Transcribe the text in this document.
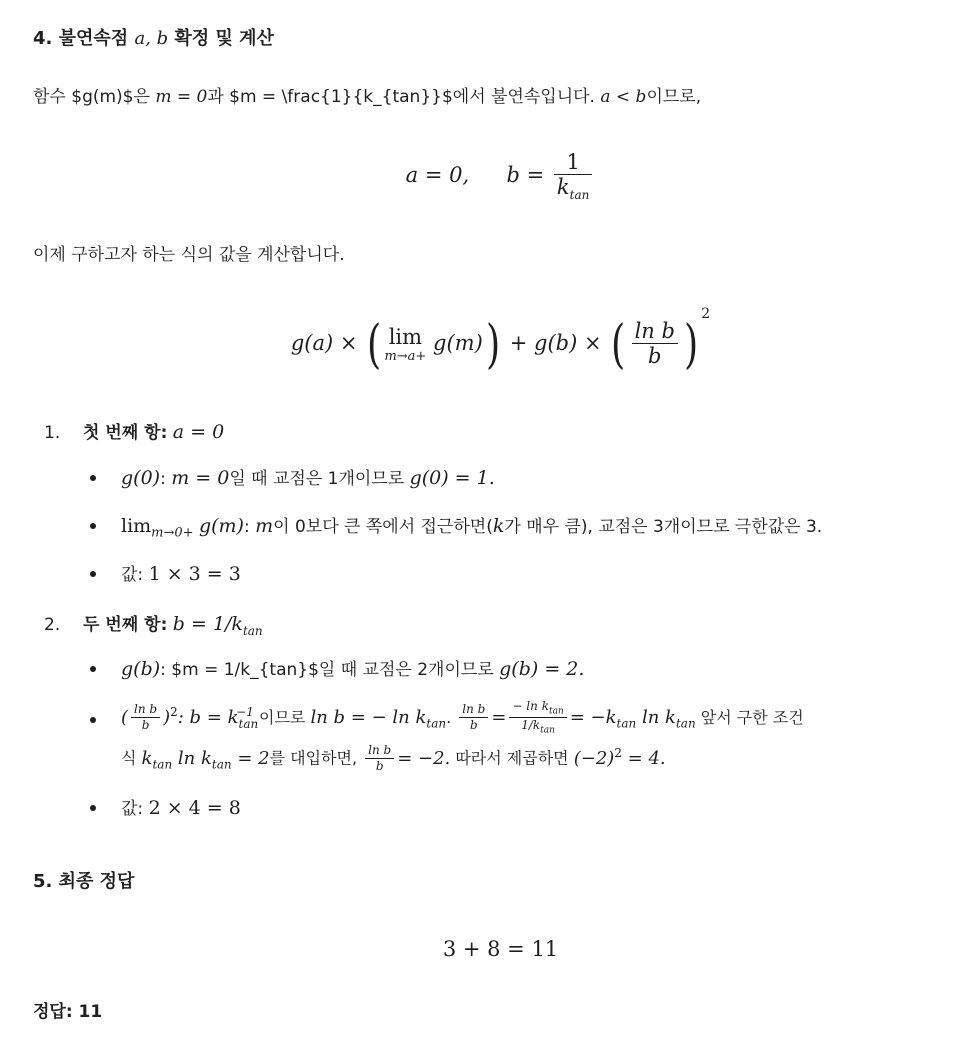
4. 불연속점 a, b 확정 및 계산
함수 $g(m)$은 m = 0과 $m = \frac{1}{k_{tan}}$에서 불연속입니다. a < b이므로,
a = 0, $b = \frac{1}{k_{tan}}$
이제 구하고자 하는 식의 값을 계산합니다.
g(a) × ( lim
m→a+
g(m)) + g(b) × ( $\frac{\text{ln b}}{b} )^2$
1. 첫 번째 항: a = 0
g(0): m = 0일 때 교점은 1개이므로 g(0) = 1.
$\lim_{m\to 0+} g(m)$: m이 0보다 큰 쪽에서 접근하면(k가 매우 큼), 교점은 3개이므로 극한값은 3.
값: 1 × 3 = 3
2. 두 번째 항: $b = 1/k_{tan}$
g(b): $m = 1/k_{tan}$일 때 교점은 2개이므로 g(b) = 2.
( $\frac{\text{ln b}}{b} )^2$: $b = k_{tan}^{-1}$ 이므로 ln b = − $\ln k_{tan}$. $\frac{\text{ln b}}{b} = \frac{- \ln k_{tan}}{1/k_{tan}} = -k_{tan}$ $\ln k_{tan}$ 앞서 구한 조건
식 $k_{tan}$ $\ln k_{tan} = 2$를 대입하면, $\frac{\text{ln b}}{b} = -2$. 따라서 제곱하면 $(-2)^2 = 4$.
값: 2 × 4 = 8
5. 최종 정답
3 + 8 = 11
정답: 11
